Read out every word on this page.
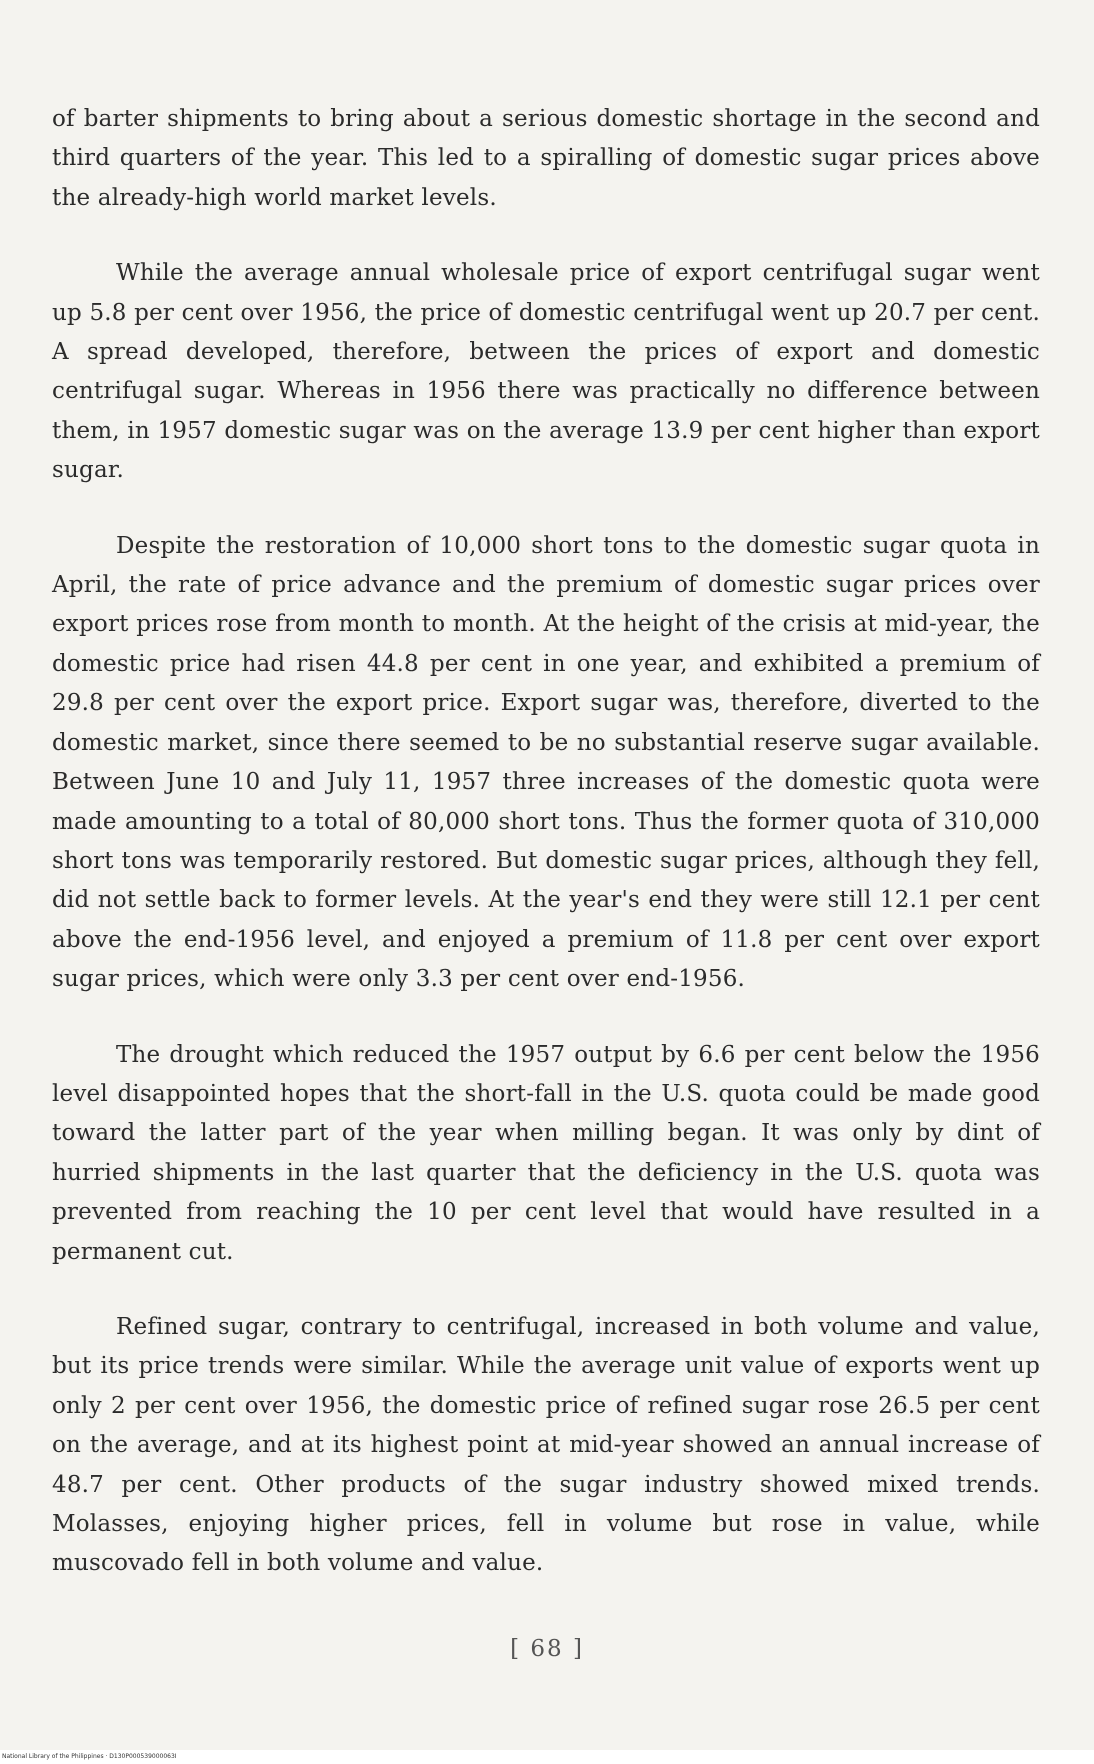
of barter shipments to bring about a serious domestic shortage in the second and third quarters of the year. This led to a spiralling of domestic sugar prices above the already-high world market levels.

While the average annual wholesale price of export centrifugal sugar went up 5.8 per cent over 1956, the price of domestic centrifugal went up 20.7 per cent. A spread developed, therefore, between the prices of export and domestic centrifugal sugar. Whereas in 1956 there was practically no difference between them, in 1957 domestic sugar was on the average 13.9 per cent higher than export sugar.

Despite the restoration of 10,000 short tons to the domestic sugar quota in April, the rate of price advance and the premium of domestic sugar prices over export prices rose from month to month. At the height of the crisis at mid-year, the domestic price had risen 44.8 per cent in one year, and exhibited a premium of 29.8 per cent over the export price. Export sugar was, therefore, diverted to the domestic market, since there seemed to be no substantial reserve sugar available. Between June 10 and July 11, 1957 three increases of the domestic quota were made amounting to a total of 80,000 short tons. Thus the former quota of 310,000 short tons was temporarily restored. But domestic sugar prices, although they fell, did not settle back to former levels. At the year's end they were still 12.1 per cent above the end-1956 level, and enjoyed a premium of 11.8 per cent over export sugar prices, which were only 3.3 per cent over end-1956.

The drought which reduced the 1957 output by 6.6 per cent below the 1956 level disappointed hopes that the short-fall in the U.S. quota could be made good toward the latter part of the year when milling began. It was only by dint of hurried shipments in the last quarter that the deficiency in the U.S. quota was prevented from reaching the 10 per cent level that would have resulted in a permanent cut.

Refined sugar, contrary to centrifugal, increased in both volume and value, but its price trends were similar. While the average unit value of exports went up only 2 per cent over 1956, the domestic price of refined sugar rose 26.5 per cent on the average, and at its highest point at mid-year showed an annual increase of 48.7 per cent. Other products of the sugar industry showed mixed trends. Molasses, enjoying higher prices, fell in volume but rose in value, while muscovado fell in both volume and value.

[ 68 ]
National Library of the Philippines · D130P000539000063I
